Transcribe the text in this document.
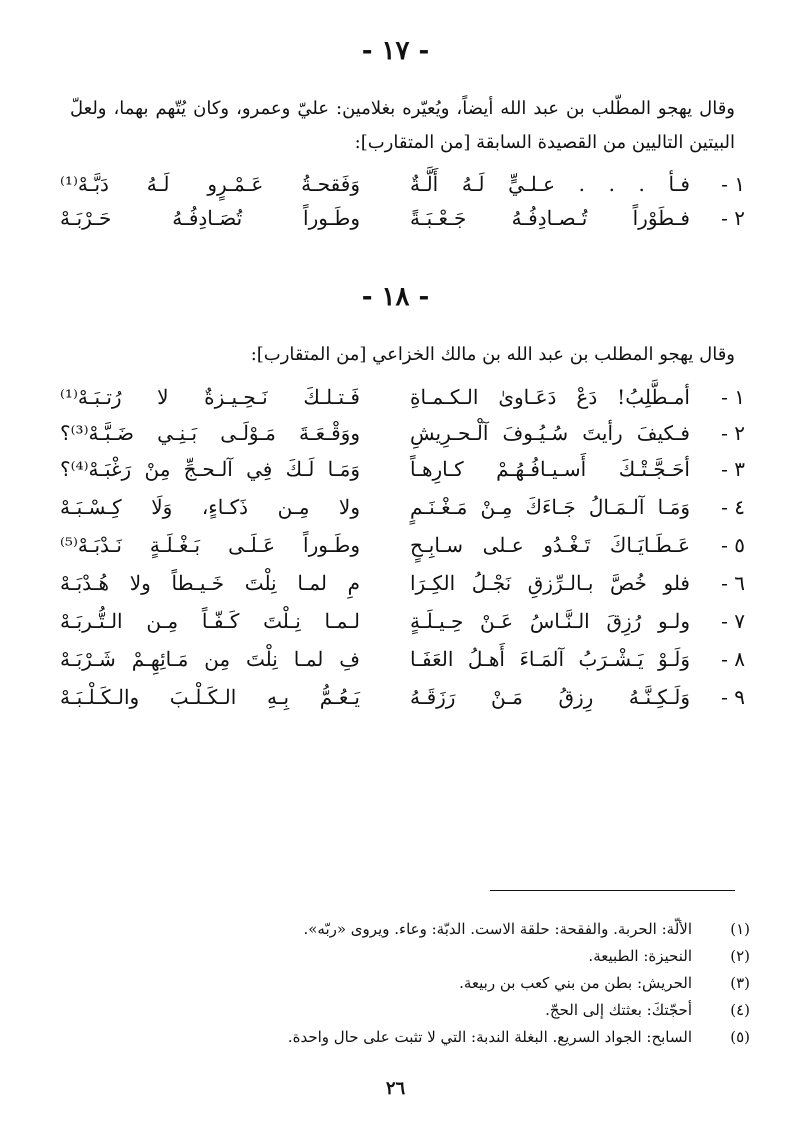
- ١٧ -
وقال يهجو المطّلب بن عبد الله أيضاً، ويُعيّره بغلامين: عليّ وعمرو، وكان يُتّهم بهما، ولعلّ البيتين التاليين من القصيدة السابقة [من المتقارب]:
١ -
فـأ . . . عـلـيٍّ لَـهُ أَلَّـةٌ
وَفَقحـةُ عَـمْـرٍو لَـهُ دَبَّـهْ⁽¹⁾
٢ -
فـطَوْراً تُـصـادِفُـهُ جَـعْـبَـةً
وطَـوراً تُصَـادِفُـهُ حَـرْبَـهْ
- ١٨ -
وقال يهجو المطلب بن عبد الله بن مالك الخزاعي [من المتقارب]:
١ -
أمـطَّلِبُ! دَعْ دَعَـاوىٰ الـكـمـاةِ
فَـتـلـكَ نَـحِـيـزةٌ لا رُتـبَـهْ⁽¹⁾
٢ -
فـكيفَ رأيتَ سُـيُـوفَ آلْـحـرِيشِ
ووَقْـعَـةَ مَـوْلَـى بَـنِـي ضَـبَّـهْ⁽³⁾؟
٣ -
أحَـجَّـتْـكَ أَسـيـافُـهُـمْ كـارِهـاً
وَمَـا لَـكَ فِي آلـحـجِّ مِنْ رَغْبَـهْ⁽⁴⁾؟
٤ -
وَمَـا آلـمَـالُ جَـاءَكَ مِـنْ مَـغْـنَـمٍ
ولا مِـن ذَكـاءٍ، وَلَا كِـسْـبَـهْ
٥ -
عَـطَـايَـاكَ تَـغْـدُو عـلى سـابِـحٍ
وطَـوراً عَـلَـى بَـغْـلَـةٍ نَـدْبَـهْ⁽⁵⁾
٦ -
فلو خُصَّ بـالـرِّزقِ نَجْـلُ الكِـرَا
مِ لمـا نِلْتَ خَـيـطاً ولا هُـدْبَـهْ
٧ -
ولـو رُزِقَ الـنَّـاسُ عَـنْ حِـيـلَـةٍ
لـمـا نِـلْتَ كَـفّـاً مِـن الـتُّـربَـهْ
٨ -
وَلَـوْ يَـشْـرَبُ آلمَـاءَ أَهـلُ العَفَـا
فِ لمـا نِلْتَ مِن مَـائِهِـمْ شَـرْبَـهْ
٩ -
وَلَـكِـنَّـهُ رِزقُ مَـنْ رَزَقَـهُ
يَـعُـمُّ بِـهِ الـكَـلْـبَ والـكَـلْـبَـهْ
(١)
الألّة: الحربة. والفقحة: حلقة الاست. الدبّة: وعاء. ويروى «ربّه».
(٢)
النحيزة: الطبيعة.
(٣)
الحريش: بطن من بني كعب بن ربيعة.
(٤)
أحجّتكَ: بعثتك إلى الحجّ.
(٥)
السابح: الجواد السريع. البغلة الندبة: التي لا تثبت على حال واحدة.
٢٦
